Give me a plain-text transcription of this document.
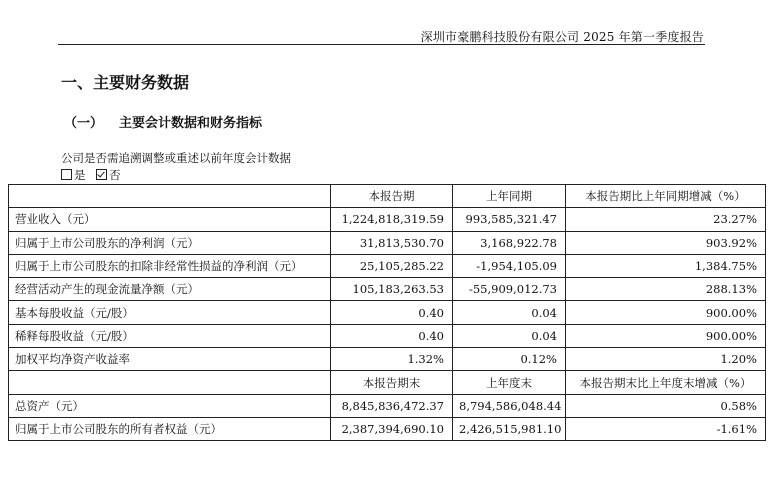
深圳市豪鹏科技股份有限公司 2025 年第一季度报告
一、主要财务数据
（一） 主要会计数据和财务指标
公司是否需追溯调整或重述以前年度会计数据
是 否
	本报告期	上年同期	本报告期比上年同期增减（%）
营业收入（元）	1,224,818,319.59	993,585,321.47	23.27%
归属于上市公司股东的净利润（元）	31,813,530.70	3,168,922.78	903.92%
归属于上市公司股东的扣除非经常性损益的净利润（元）	25,105,285.22	-1,954,105.09	1,384.75%
经营活动产生的现金流量净额（元）	105,183,263.53	-55,909,012.73	288.13%
基本每股收益（元/股）	0.40	0.04	900.00%
稀释每股收益（元/股）	0.40	0.04	900.00%
加权平均净资产收益率	1.32%	0.12%	1.20%
	本报告期末	上年度末	本报告期末比上年度末增减（%）
总资产（元）	8,845,836,472.37	8,794,586,048.44	0.58%
归属于上市公司股东的所有者权益（元）	2,387,394,690.10	2,426,515,981.10	-1.61%
